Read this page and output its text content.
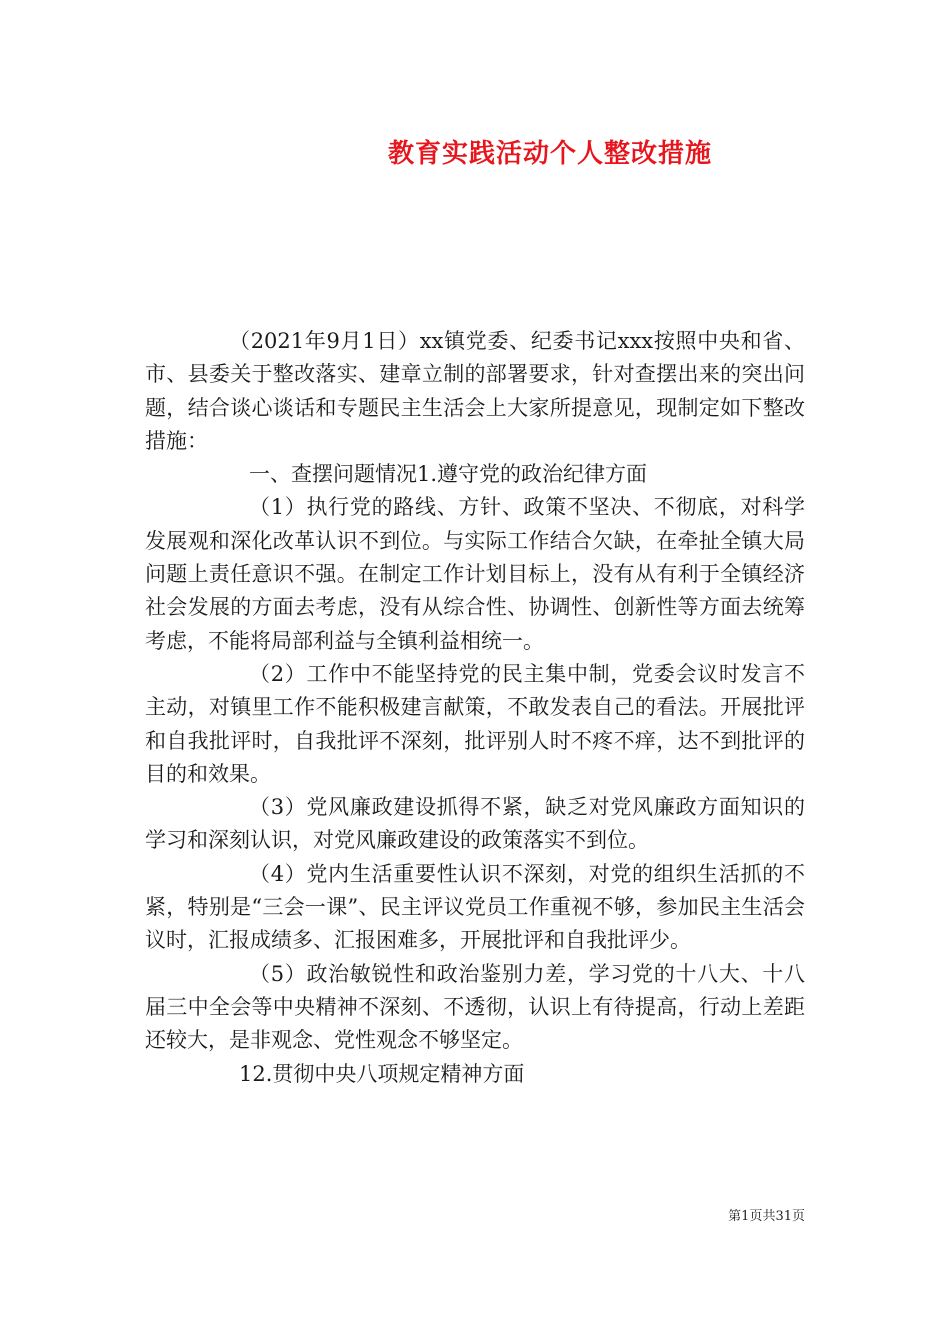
教育实践活动个人整改措施

（2021年9月1日）xx镇党委、纪委书记xxx按照中央和省、市、县委关于整改落实、建章立制的部署要求，针对查摆出来的突出问题，结合谈心谈话和专题民主生活会上大家所提意见，现制定如下整改措施：

一、查摆问题情况1.遵守党的政治纪律方面

（1）执行党的路线、方针、政策不坚决、不彻底，对科学发展观和深化改革认识不到位。与实际工作结合欠缺，在牵扯全镇大局问题上责任意识不强。在制定工作计划目标上，没有从有利于全镇经济社会发展的方面去考虑，没有从综合性、协调性、创新性等方面去统筹考虑，不能将局部利益与全镇利益相统一。

（2）工作中不能坚持党的民主集中制，党委会议时发言不主动，对镇里工作不能积极建言献策，不敢发表自己的看法。开展批评和自我批评时，自我批评不深刻，批评别人时不疼不痒，达不到批评的目的和效果。

（3）党风廉政建设抓得不紧，缺乏对党风廉政方面知识的学习和深刻认识，对党风廉政建设的政策落实不到位。

（4）党内生活重要性认识不深刻，对党的组织生活抓的不紧，特别是“三会一课”、民主评议党员工作重视不够，参加民主生活会议时，汇报成绩多、汇报困难多，开展批评和自我批评少。

（5）政治敏锐性和政治鉴别力差，学习党的十八大、十八届三中全会等中央精神不深刻、不透彻，认识上有待提高，行动上差距还较大，是非观念、党性观念不够坚定。

12.贯彻中央八项规定精神方面

第1页共31页
